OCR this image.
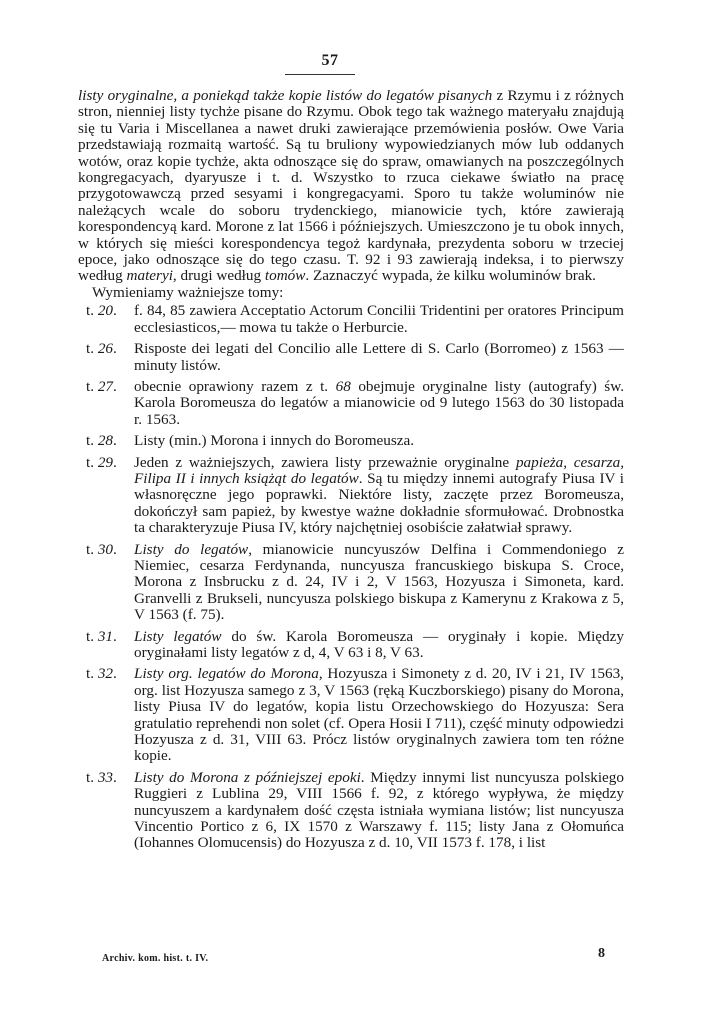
57

listy oryginalne, a poniekąd także kopie listów do legatów pisanych z Rzymu i z różnych stron, nienniej listy tychże pisane do Rzymu. Obok tego tak ważnego materyału znajdują się tu Varia i Miscellanea a nawet druki zawierające przemówienia posłów. Owe Varia przedstawiają rozmaitą wartość. Są tu bruliony wypowiedzianych mów lub oddanych wotów, oraz kopie tychże, akta odnoszące się do spraw, omawianych na poszczególnych kongregacyach, dyaryusze i t. d. Wszystko to rzuca ciekawe światło na pracę przygotowawczą przed sesyami i kongregacyami. Sporo tu także woluminów nie należących wcale do soboru trydenckiego, mianowicie tych, które zawierają korespondencyą kard. Morone z lat 1566 i późniejszych. Umieszczono je tu obok innych, w których się mieści korespondencya tegoż kardynała, prezydenta soboru w trzeciej epoce, jako odnoszące się do tego czasu. T. 92 i 93 zawierają indeksa, i to pierwszy według materyi, drugi według tomów. Zaznaczyć wypada, że kilku woluminów brak.

Wymieniamy ważniejsze tomy:

t. 20.	f. 84, 85 zawiera Acceptatio Actorum Concilii Tridentini per oratores Principum ecclesiasticos,— mowa tu także o Herburcie.
t. 26.	Risposte dei legati del Concilio alle Lettere di S. Carlo (Borromeo) z 1563 — minuty listów.
t. 27.	obecnie oprawiony razem z t. 68 obejmuje oryginalne listy (autografy) św. Karola Boromeusza do legatów a mianowicie od 9 lutego 1563 do 30 listopada r. 1563.
t. 28.	Listy (min.) Morona i innych do Boromeusza.
t. 29.	Jeden z ważniejszych, zawiera listy przeważnie oryginalne papieża, cesarza, Filipa II i innych książąt do legatów. Są tu między innemi autografy Piusa IV i własnoręczne jego poprawki. Niektóre listy, zaczęte przez Boromeusza, dokończył sam papież, by kwestye ważne dokładnie sformułować. Drobnostka ta charakteryzuje Piusa IV, który najchętniej osobiście załatwiał sprawy.
t. 30.	Listy do legatów, mianowicie nuncyuszów Delfina i Commendoniego z Niemiec, cesarza Ferdynanda, nuncyusza francuskiego biskupa S. Croce, Morona z Insbrucku z d. 24, IV i 2, V 1563, Hozyusza i Simoneta, kard. Granvelli z Brukseli, nuncyusza polskiego biskupa z Kamerynu z Krakowa z 5, V 1563 (f. 75).
t. 31.	Listy legatów do św. Karola Boromeusza — oryginały i kopie. Między oryginałami listy legatów z d, 4, V 63 i 8, V 63.
t. 32.	Listy org. legatów do Morona, Hozyusza i Simonety z d. 20, IV i 21, IV 1563, org. list Hozyusza samego z 3, V 1563 (ręką Kuczborskiego) pisany do Morona, listy Piusa IV do legatów, kopia listu Orzechowskiego do Hozyusza: Sera gratulatio reprehendi non solet (cf. Opera Hosii I 711), część minuty odpowiedzi Hozyusza z d. 31, VIII 63. Prócz listów oryginalnych zawiera tom ten różne kopie.
t. 33.	Listy do Morona z późniejszej epoki. Między innymi list nuncyusza polskiego Ruggieri z Lublina 29, VIII 1566 f. 92, z którego wypływa, że między nuncyuszem a kardynałem dość częsta istniała wymiana listów; list nuncyusza Vincentio Portico z 6, IX 1570 z Warszawy f. 115; listy Jana z Ołomuńca (Iohannes Olomucensis) do Hozyusza z d. 10, VII 1573 f. 178, i list
Archiv. kom. hist. t. IV.	8
